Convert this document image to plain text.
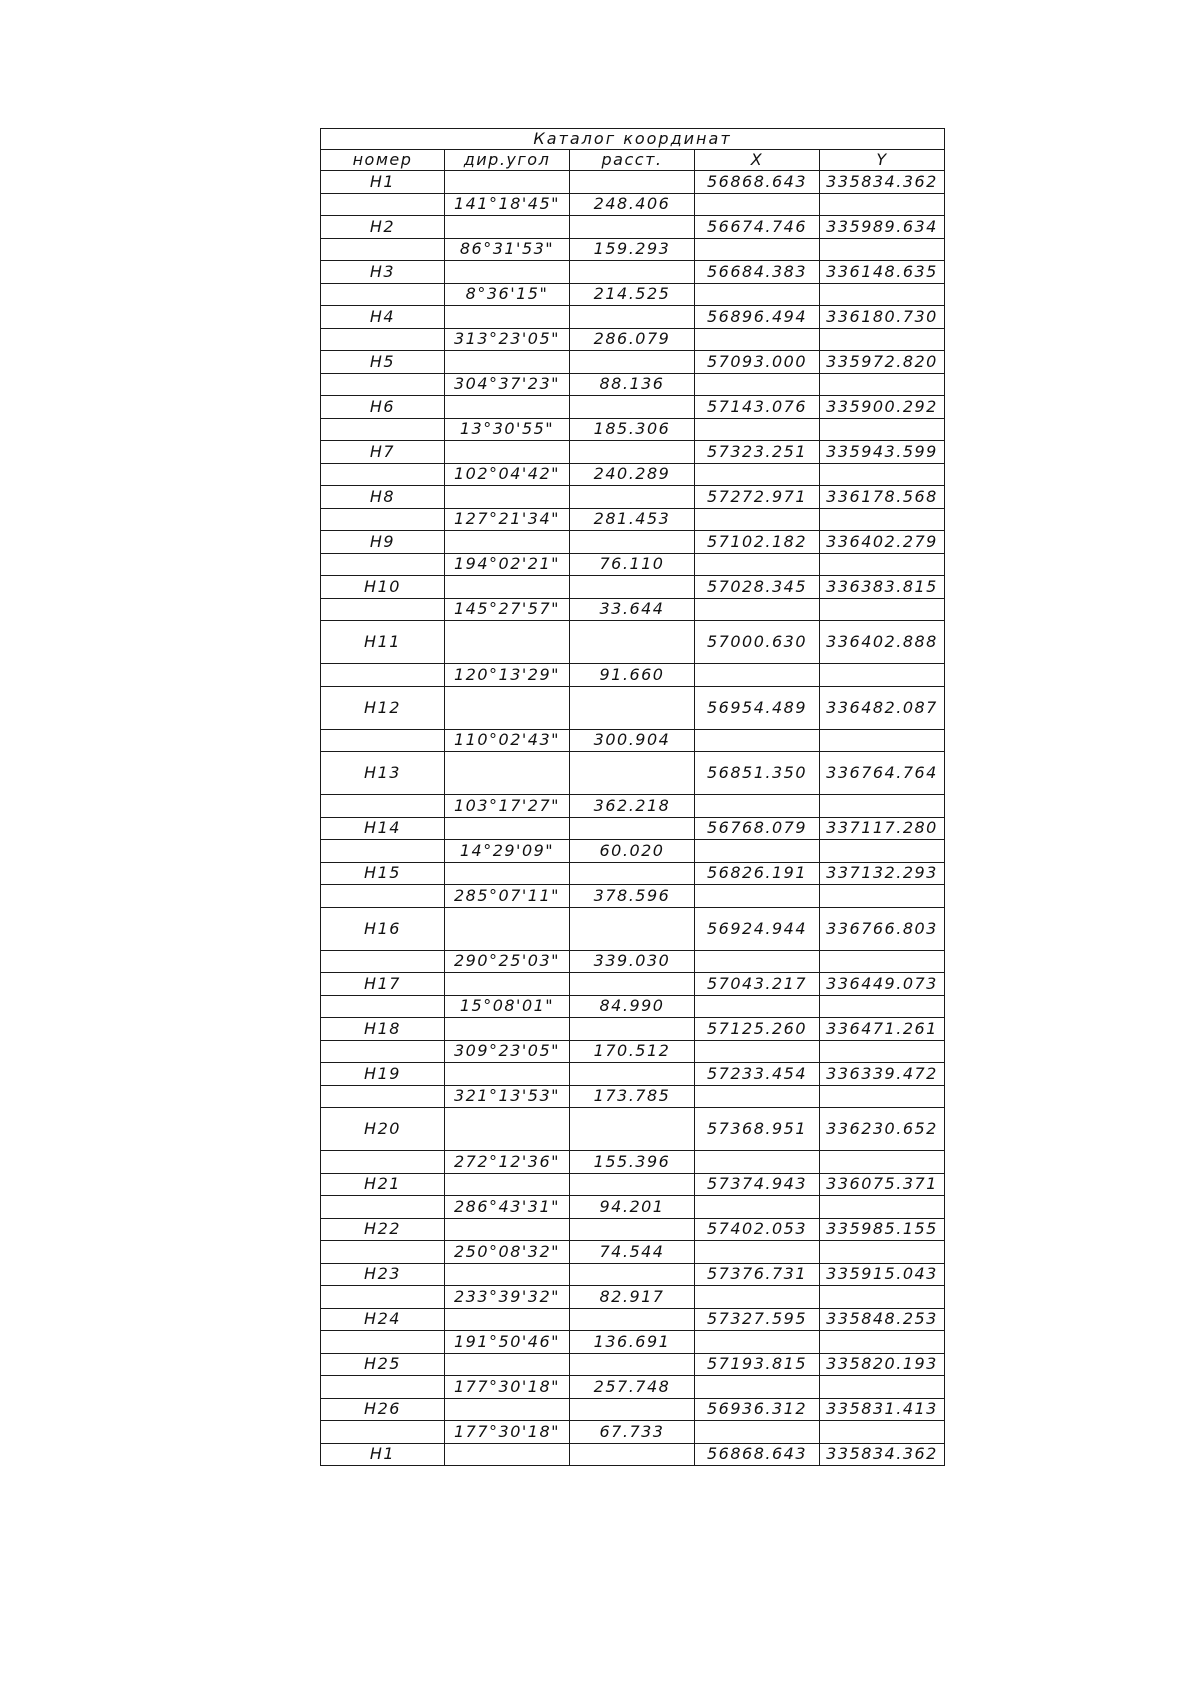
Каталог координат				
номер	дир.угол	расст.	X	Y
Н1			56868.643	335834.362
	141°18'45"	248.406		
Н2			56674.746	335989.634
	86°31'53"	159.293		
Н3			56684.383	336148.635
	8°36'15"	214.525		
Н4			56896.494	336180.730
	313°23'05"	286.079		
Н5			57093.000	335972.820
	304°37'23"	88.136		
Н6			57143.076	335900.292
	13°30'55"	185.306		
Н7			57323.251	335943.599
	102°04'42"	240.289		
Н8			57272.971	336178.568
	127°21'34"	281.453		
Н9			57102.182	336402.279
	194°02'21"	76.110		
Н10			57028.345	336383.815
	145°27'57"	33.644		
Н11			57000.630	336402.888
	120°13'29"	91.660		
Н12			56954.489	336482.087
	110°02'43"	300.904		
Н13			56851.350	336764.764
	103°17'27"	362.218		
Н14			56768.079	337117.280
	14°29'09"	60.020		
Н15			56826.191	337132.293
	285°07'11"	378.596		
Н16			56924.944	336766.803
	290°25'03"	339.030		
Н17			57043.217	336449.073
	15°08'01"	84.990		
Н18			57125.260	336471.261
	309°23'05"	170.512		
Н19			57233.454	336339.472
	321°13'53"	173.785		
Н20			57368.951	336230.652
	272°12'36"	155.396		
Н21			57374.943	336075.371
	286°43'31"	94.201		
Н22			57402.053	335985.155
	250°08'32"	74.544		
Н23			57376.731	335915.043
	233°39'32"	82.917		
Н24			57327.595	335848.253
	191°50'46"	136.691		
Н25			57193.815	335820.193
	177°30'18"	257.748		
Н26			56936.312	335831.413
	177°30'18"	67.733		
Н1			56868.643	335834.362
